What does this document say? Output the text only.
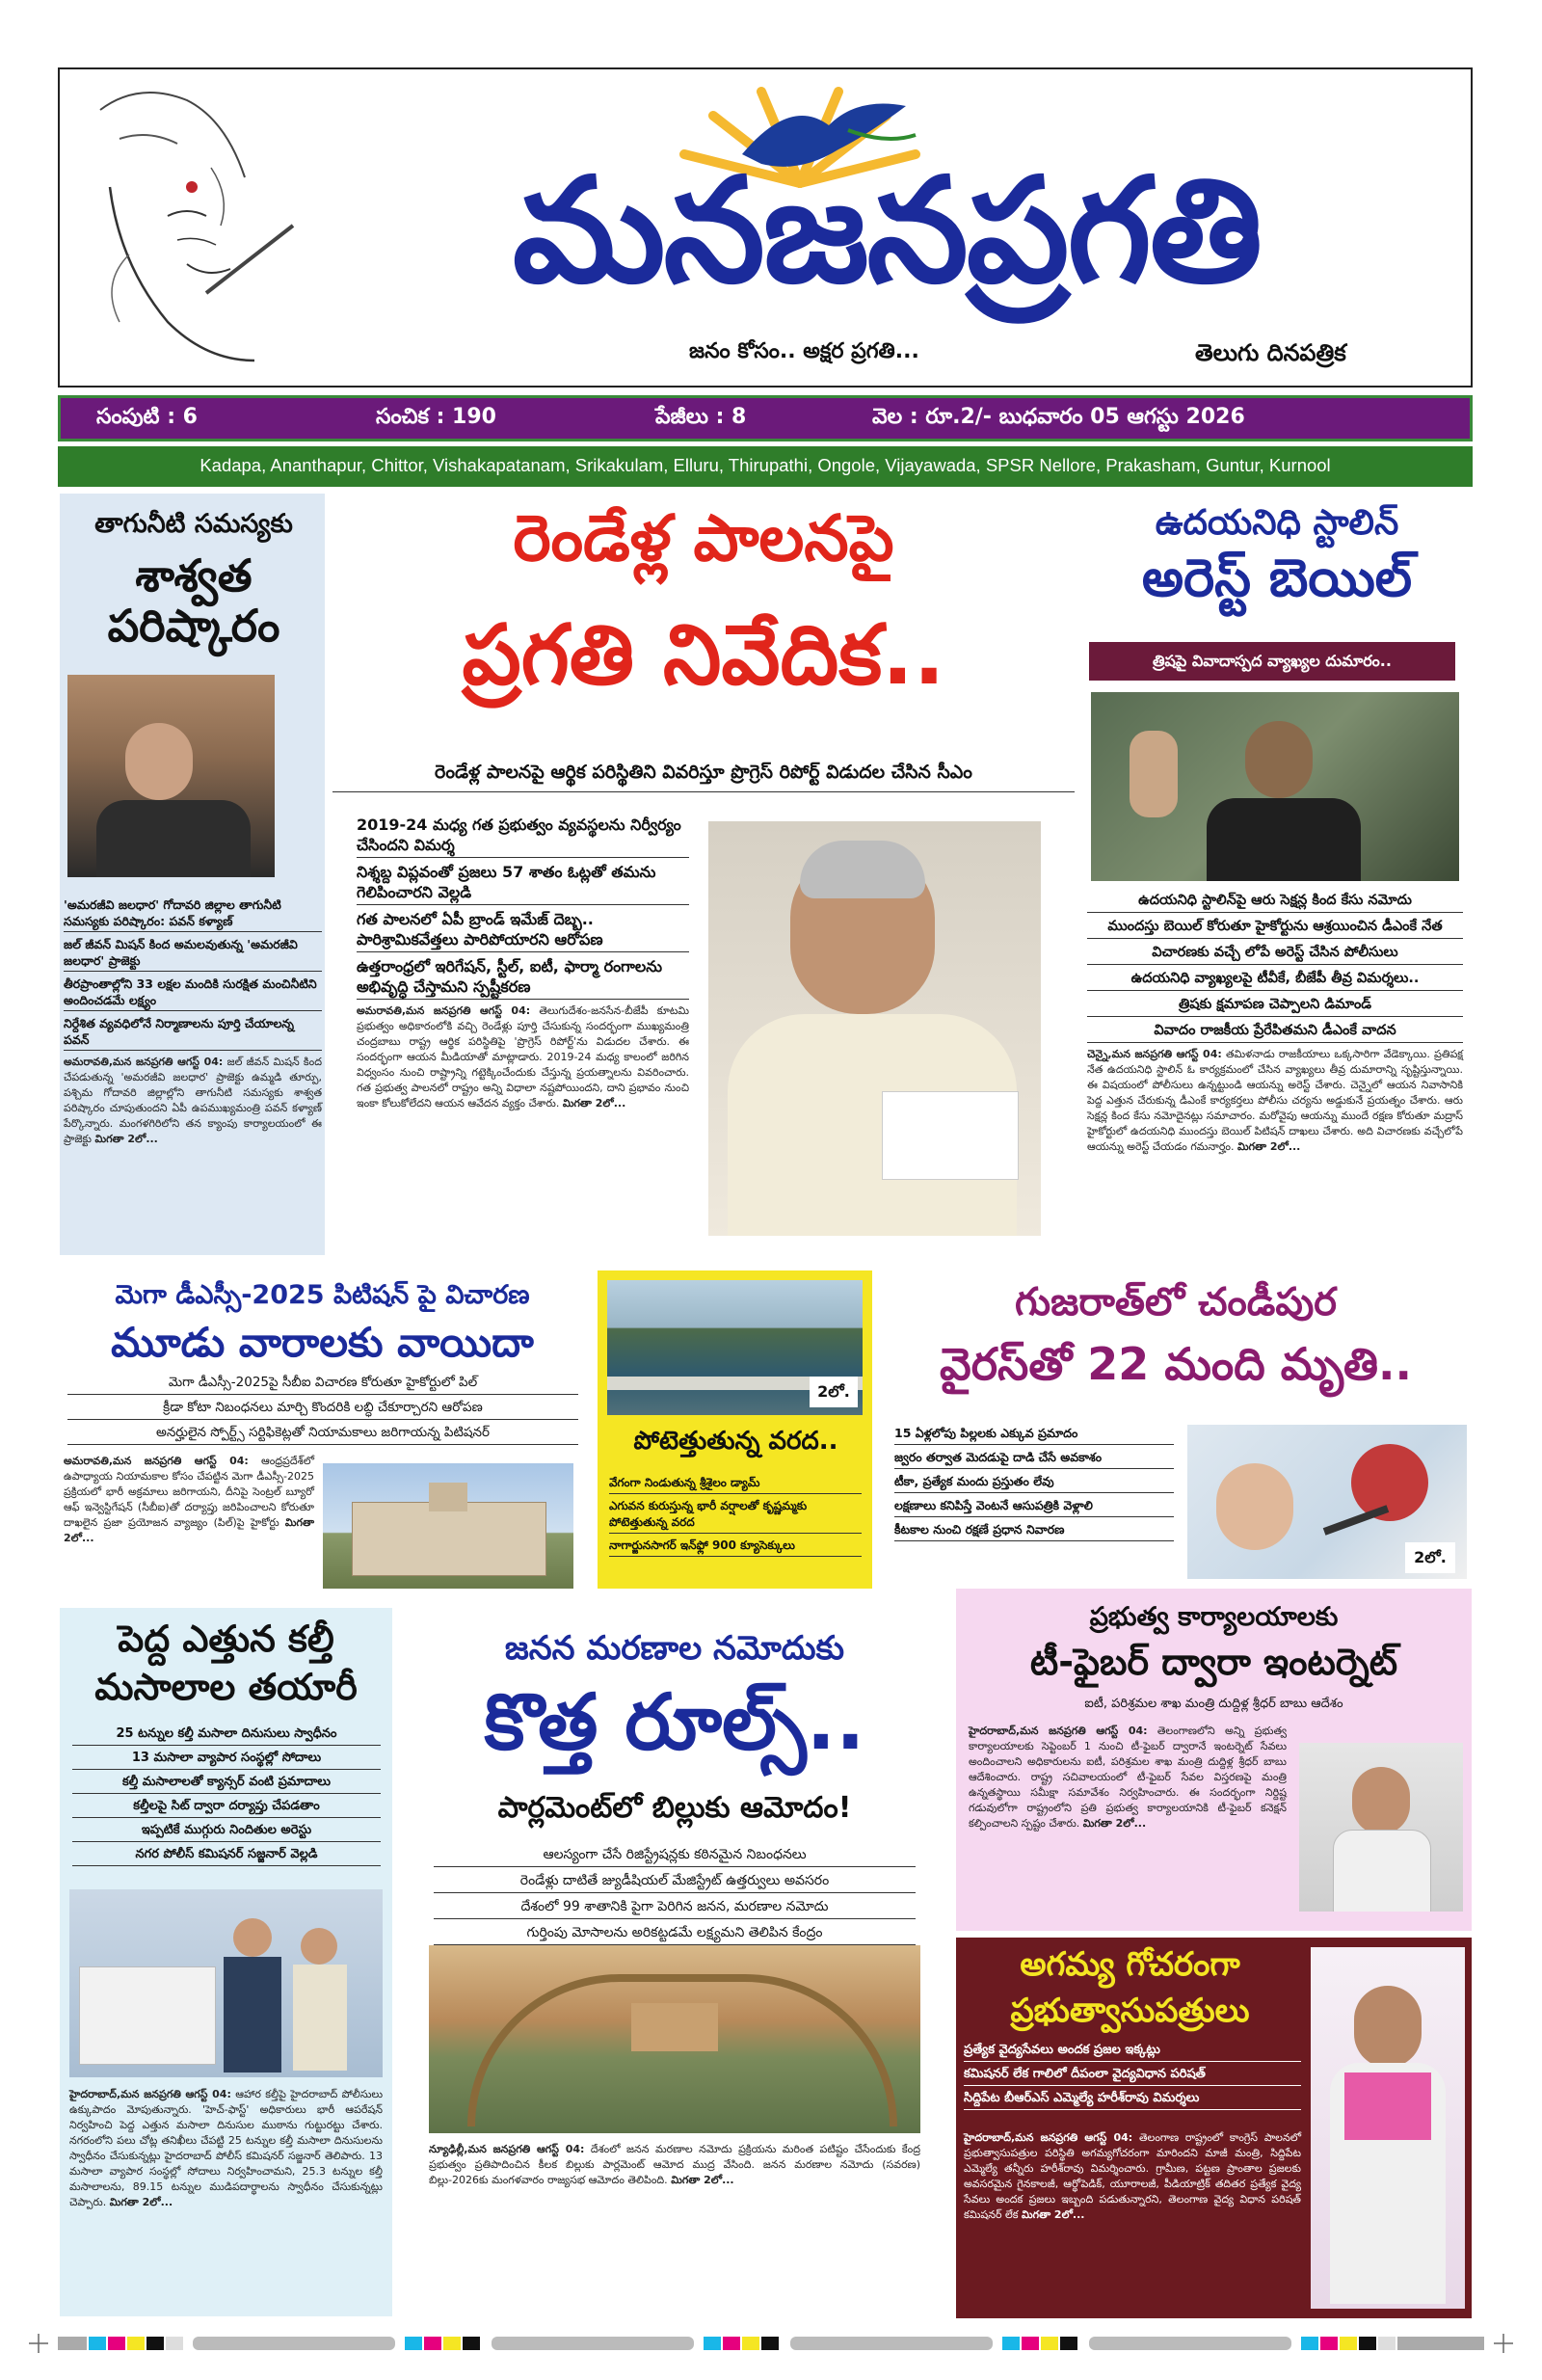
మనజనప్రగతి
జనం కోసం.. అక్షర ప్రగతి...	తెలుగు దినపత్రిక
సంపుటి : 6	సంచిక : 190	పేజీలు : 8	వెల : రూ.2/- బుధవారం 05 ఆగస్టు 2026
Kadapa, Ananthapur, Chittor, Vishakapatanam, Srikakulam, Elluru, Thirupathi, Ongole, Vijayawada, SPSR Nellore, Prakasham, Guntur, Kurnool
తాగునీటి సమస్యకు
శాశ్వత
పరిష్కారం
'అమరజీవి జలధార' గోదావరి జిల్లాల తాగునీటి సమస్యకు పరిష్కారం: పవన్ కళ్యాణ్
జల్ జీవన్ మిషన్ కింద అమలవుతున్న 'అమరజీవి జలధార' ప్రాజెక్టు
తీరప్రాంతాల్లోని 33 లక్షల మందికి సురక్షిత మంచినీటిని అందించడమే లక్ష్యం
నిర్దేశిత వ్యవధిలోనే నిర్మాణాలను పూర్తి చేయాలన్న పవన్
అమరావతి,మన జనప్రగతి ఆగస్ట్ 04: జల్ జీవన్ మిషన్ కింద చేపడుతున్న 'అమరజీవి జలధార' ప్రాజెక్టు ఉమ్మడి తూర్పు, పశ్చిమ గోదావరి జిల్లాల్లోని తాగునీటి సమస్యకు శాశ్వత పరిష్కారం చూపుతుందని ఏపీ ఉపముఖ్యమంత్రి పవన్ కళ్యాణ్ పేర్కొన్నారు. మంగళగిరిలోని తన క్యాంపు కార్యాలయంలో ఈ ప్రాజెక్టు మిగతా 2లో...
రెండేళ్ల పాలనపై
ప్రగతి నివేదిక..
రెండేళ్ల పాలనపై ఆర్థిక పరిస్థితిని వివరిస్తూ ప్రొగ్రెస్ రిపోర్ట్ విడుదల చేసిన సీఎం
2019-24 మధ్య గత ప్రభుత్వం వ్యవస్థలను నిర్వీర్యం చేసిందని విమర్శ
నిశ్శబ్ద విప్లవంతో ప్రజలు 57 శాతం ఓట్లతో తమను గెలిపించారని వెల్లడి
గత పాలనలో ఏపీ బ్రాండ్ ఇమేజ్ దెబ్బ.. పారిశ్రామికవేత్తలు పారిపోయారని ఆరోపణ
ఉత్తరాంధ్రలో ఇరిగేషన్, స్టీల్, ఐటీ, ఫార్మా రంగాలను అభివృద్ధి చేస్తామని స్పష్టీకరణ
అమరావతి,మన జనప్రగతి ఆగస్ట్ 04: తెలుగుదేశం-జనసేన-బీజేపీ కూటమి ప్రభుత్వం అధికారంలోకి వచ్చి రెండేళ్లు పూర్తి చేసుకున్న సందర్భంగా ముఖ్యమంత్రి చంద్రబాబు రాష్ట్ర ఆర్థిక పరిస్థితిపై 'ప్రొగ్రెస్ రిపోర్ట్'ను విడుదల చేశారు. ఈ సందర్భంగా ఆయన మీడియాతో మాట్లాడారు. 2019-24 మధ్య కాలంలో జరిగిన విధ్వంసం నుంచి రాష్ట్రాన్ని గట్టెక్కించేందుకు చేస్తున్న ప్రయత్నాలను వివరించారు. గత ప్రభుత్వ పాలనలో రాష్ట్రం అన్ని విధాలా నష్టపోయిందని, దాని ప్రభావం నుంచి ఇంకా కోలుకోలేదని ఆయన ఆవేదన వ్యక్తం చేశారు. మిగతా 2లో...
ఉదయనిధి స్టాలిన్
అరెస్ట్ బెయిల్
త్రిషపై వివాదాస్పద వ్యాఖ్యల దుమారం..
ఉదయనిధి స్టాలిన్‌పై ఆరు సెక్షన్ల కింద కేసు నమోదు
ముందస్తు బెయిల్ కోరుతూ హైకోర్టును ఆశ్రయించిన డీఎంకే నేత
విచారణకు వచ్చే లోపే అరెస్ట్ చేసిన పోలీసులు
ఉదయనిధి వ్యాఖ్యలపై టీవీకే, బీజేపీ తీవ్ర విమర్శలు..
త్రిషకు క్షమాపణ చెప్పాలని డిమాండ్
వివాదం రాజకీయ ప్రేరేపితమని డీఎంకే వాదన
చెన్నై,మన జనప్రగతి ఆగస్ట్ 04: తమిళనాడు రాజకీయాలు ఒక్కసారిగా వేడెక్కాయి. ప్రతిపక్ష నేత ఉదయనిధి స్టాలిన్ ఓ కార్యక్రమంలో చేసిన వ్యాఖ్యలు తీవ్ర దుమారాన్ని సృష్టిస్తున్నాయి. ఈ విషయంలో పోలీసులు ఉన్నట్టుండి ఆయన్ను అరెస్ట్ చేశారు. చెన్నైలో ఆయన నివాసానికి పెద్ద ఎత్తున చేరుకున్న డీఎంకే కార్యకర్తలు పోలీసు చర్యను అడ్డుకునే ప్రయత్నం చేశారు. ఆరు సెక్షన్ల కింద కేసు నమోదైనట్లు సమాచారం. మరోవైపు ఆయన్ను ముందే రక్షణ కోరుతూ మద్రాస్ హైకోర్టులో ఉదయనిధి ముందస్తు బెయిల్ పిటిషన్ దాఖలు చేశారు. అది విచారణకు వచ్చేలోపే ఆయన్ను అరెస్ట్ చేయడం గమనార్హం. మిగతా 2లో...
మెగా డీఎస్సీ-2025 పిటిషన్ పై విచారణ
మూడు వారాలకు వాయిదా
మెగా డీఎస్సీ-2025పై సీబీఐ విచారణ కోరుతూ హైకోర్టులో పిల్
క్రీడా కోటా నిబంధనలు మార్చి కొందరికి లబ్ధి చేకూర్చారని ఆరోపణ
అనర్హులైన స్పోర్ట్స్ సర్టిఫికెట్లతో నియామకాలు జరిగాయన్న పిటిషనర్
అమరావతి,మన జనప్రగతి ఆగస్ట్ 04: ఆంధ్రప్రదేశ్‌లో ఉపాధ్యాయ నియామకాల కోసం చేపట్టిన మెగా డీఎస్సీ-2025 ప్రక్రియలో భారీ అక్రమాలు జరిగాయని, దీనిపై సెంట్రల్ బ్యూరో ఆఫ్ ఇన్వెస్టిగేషన్ (సీబీఐ)తో దర్యాప్తు జరిపించాలని కోరుతూ దాఖలైన ప్రజా ప్రయోజన వ్యాజ్యం (పిల్)పై హైకోర్టు మిగతా 2లో...
2లో.
పోటెత్తుతున్న వరద..
వేగంగా నిండుతున్న శ్రీశైలం డ్యామ్
ఎగువన కురుస్తున్న భారీ వర్షాలతో కృష్ణమ్మకు పోటెత్తుతున్న వరద
నాగార్జునసాగర్ ఇన్‌ఫ్లో 900 క్యూసెక్కులు
గుజరాత్‌లో చండీపుర
వైరస్‌తో 22 మంది మృతి..
15 ఏళ్లలోపు పిల్లలకు ఎక్కువ ప్రమాదం
జ్వరం తర్వాత మెదడుపై దాడి చేసే అవకాశం
టీకా, ప్రత్యేక మందు ప్రస్తుతం లేవు
లక్షణాలు కనిపిస్తే వెంటనే ఆసుపత్రికి వెళ్లాలి
కీటకాల నుంచి రక్షణే ప్రధాన నివారణ
2లో.
పెద్ద ఎత్తున కల్తీ
మసాలాల తయారీ
25 టన్నుల కల్తీ మసాలా దినుసులు స్వాధీనం
13 మసాలా వ్యాపార సంస్థల్లో సోదాలు
కల్తీ మసాలాలతో క్యాన్సర్ వంటి ప్రమాదాలు
కల్తీలపై సిట్ ద్వారా దర్యాప్తు చేపడతాం
ఇప్పటికే ముగ్గురు నిందితుల అరెస్టు
నగర పోలీస్ కమిషనర్ సజ్జనార్ వెల్లడి
హైదరాబాద్,మన జనప్రగతి ఆగస్ట్ 04: ఆహార కల్తీపై హైదరాబాద్ పోలీసులు ఉక్కుపాదం మోపుతున్నారు. 'హెచ్-ఫాస్ట్' అధికారులు భారీ ఆపరేషన్ నిర్వహించి పెద్ద ఎత్తున మసాలా దినుసుల ముఠాను గుట్టురట్టు చేశారు. నగరంలోని పలు చోట్ల తనిఖీలు చేపట్టి 25 టన్నుల కల్తీ మసాలా దినుసులను స్వాధీనం చేసుకున్నట్లు హైదరాబాద్ పోలీస్ కమిషనర్ సజ్జనార్ తెలిపారు. 13 మసాలా వ్యాపార సంస్థల్లో సోదాలు నిర్వహించామని, 25.3 టన్నుల కల్తీ మసాలాలను, 89.15 టన్నుల ముడిపదార్థాలను స్వాధీనం చేసుకున్నట్లు చెప్పారు. మిగతా 2లో...
జనన మరణాల నమోదుకు
కొత్త రూల్స్..
పార్లమెంట్‌లో బిల్లుకు ఆమోదం!
ఆలస్యంగా చేసే రిజిస్ట్రేషన్లకు కఠినమైన నిబంధనలు
రెండేళ్లు దాటితే జ్యుడీషియల్ మేజిస్ట్రేట్ ఉత్తర్వులు అవసరం
దేశంలో 99 శాతానికి పైగా పెరిగిన జనన, మరణాల నమోదు
గుర్తింపు మోసాలను అరికట్టడమే లక్ష్యమని తెలిపిన కేంద్రం
న్యూఢిల్లీ,మన జనప్రగతి ఆగస్ట్ 04: దేశంలో జనన మరణాల నమోదు ప్రక్రియను మరింత పటిష్టం చేసేందుకు కేంద్ర ప్రభుత్వం ప్రతిపాదించిన కీలక బిల్లుకు పార్లమెంట్ ఆమోద ముద్ర వేసింది. జనన మరణాల నమోదు (సవరణ) బిల్లు-2026కు మంగళవారం రాజ్యసభ ఆమోదం తెలిపింది. మిగతా 2లో...
ప్రభుత్వ కార్యాలయాలకు
టీ-ఫైబర్ ద్వారా ఇంటర్నెట్
ఐటీ, పరిశ్రమల శాఖ మంత్రి దుద్దిళ్ల శ్రీధర్ బాబు ఆదేశం
హైదరాబాద్,మన జనప్రగతి ఆగస్ట్ 04: తెలంగాణలోని అన్ని ప్రభుత్వ కార్యాలయాలకు సెప్టెంబర్ 1 నుంచి టీ-ఫైబర్ ద్వారానే ఇంటర్నెట్ సేవలు అందించాలని అధికారులను ఐటీ, పరిశ్రమల శాఖ మంత్రి దుద్దిళ్ల శ్రీధర్ బాబు ఆదేశించారు. రాష్ట్ర సచివాలయంలో టీ-ఫైబర్ సేవల విస్తరణపై మంత్రి ఉన్నతస్థాయి సమీక్షా సమావేశం నిర్వహించారు. ఈ సందర్భంగా నిర్దిష్ట గడువులోగా రాష్ట్రంలోని ప్రతి ప్రభుత్వ కార్యాలయానికి టీ-ఫైబర్ కనెక్షన్ కల్పించాలని స్పష్టం చేశారు. మిగతా 2లో...
అగమ్య గోచరంగా
ప్రభుత్వాసుపత్రులు
ప్రత్యేక వైద్యసేవలు అందక ప్రజల ఇక్కట్లు
కమిషనర్ లేక గాలిలో దీపంలా వైద్యవిధాన పరిషత్
సిద్దిపేట బీఆర్ఎస్ ఎమ్మెల్యే హరీశ్‌రావు విమర్శలు
హైదరాబాద్,మన జనప్రగతి ఆగస్ట్ 04: తెలంగాణ రాష్ట్రంలో కాంగ్రెస్ పాలనలో ప్రభుత్వాసుపత్రుల పరిస్థితి అగమ్యగోచరంగా మారిందని మాజీ మంత్రి, సిద్దిపేట ఎమ్మెల్యే తన్నీరు హరీశ్‌రావు విమర్శించారు. గ్రామీణ, పట్టణ ప్రాంతాల ప్రజలకు అవసరమైన గైనకాలజీ, ఆర్థోపెడిక్, యూరాలజీ, పీడియాట్రిక్ తదితర ప్రత్యేక వైద్య సేవలు అందక ప్రజలు ఇబ్బంది పడుతున్నారని, తెలంగాణ వైద్య విధాన పరిషత్ కమిషనర్ లేక మిగతా 2లో...
